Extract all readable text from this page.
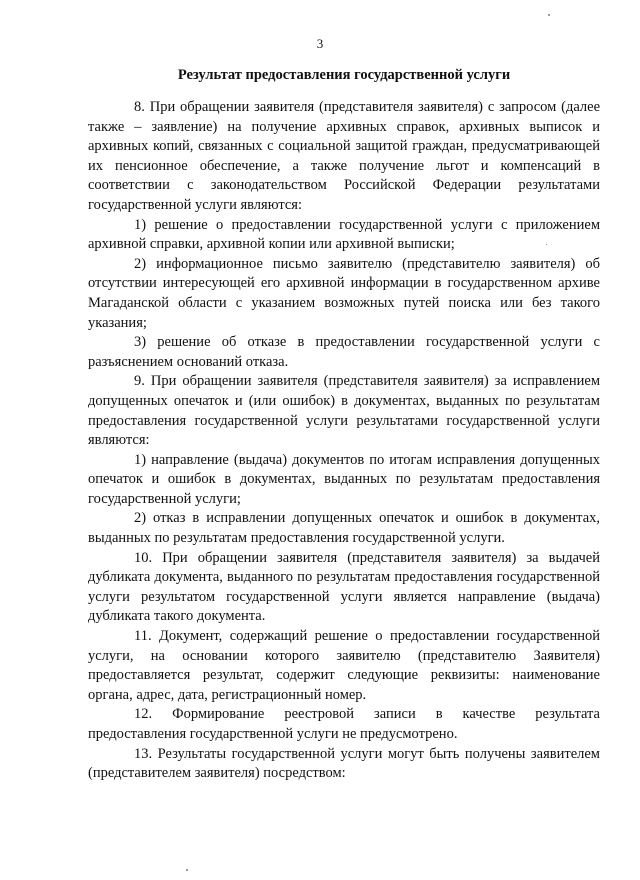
3
Результат предоставления государственной услуги

8. При обращении заявителя (представителя заявителя) с запросом (далее также – заявление) на получение архивных справок, архивных выписок и архивных копий, связанных с социальной защитой граждан, предусматривающей их пенсионное обеспечение, а также получение льгот и компенсаций в соответствии с законодательством Российской Федерации результатами государственной услуги являются:

1) решение о предоставлении государственной услуги с приложением архивной справки, архивной копии или архивной выписки;

2) информационное письмо заявителю (представителю заявителя) об отсутствии интересующей его архивной информации в государственном архиве Магаданской области с указанием возможных путей поиска или без такого указания;

3) решение об отказе в предоставлении государственной услуги с разъяснением оснований отказа.

9. При обращении заявителя (представителя заявителя) за исправлением допущенных опечаток и (или ошибок) в документах, выданных по результатам предоставления государственной услуги результатами государственной услуги являются:

1) направление (выдача) документов по итогам исправления допущенных опечаток и ошибок в документах, выданных по результатам предоставления государственной услуги;

2) отказ в исправлении допущенных опечаток и ошибок в документах, выданных по результатам предоставления государственной услуги.

10. При обращении заявителя (представителя заявителя) за выдачей дубликата документа, выданного по результатам предоставления государственной услуги результатом государственной услуги является направление (выдача) дубликата такого документа.

11. Документ, содержащий решение о предоставлении государственной услуги, на основании которого заявителю (представителю Заявителя) предоставляется результат, содержит следующие реквизиты: наименование органа, адрес, дата, регистрационный номер.

12. Формирование реестровой записи в качестве результата предоставления государственной услуги не предусмотрено.

13. Результаты государственной услуги могут быть получены заявителем (представителем заявителя) посредством:
